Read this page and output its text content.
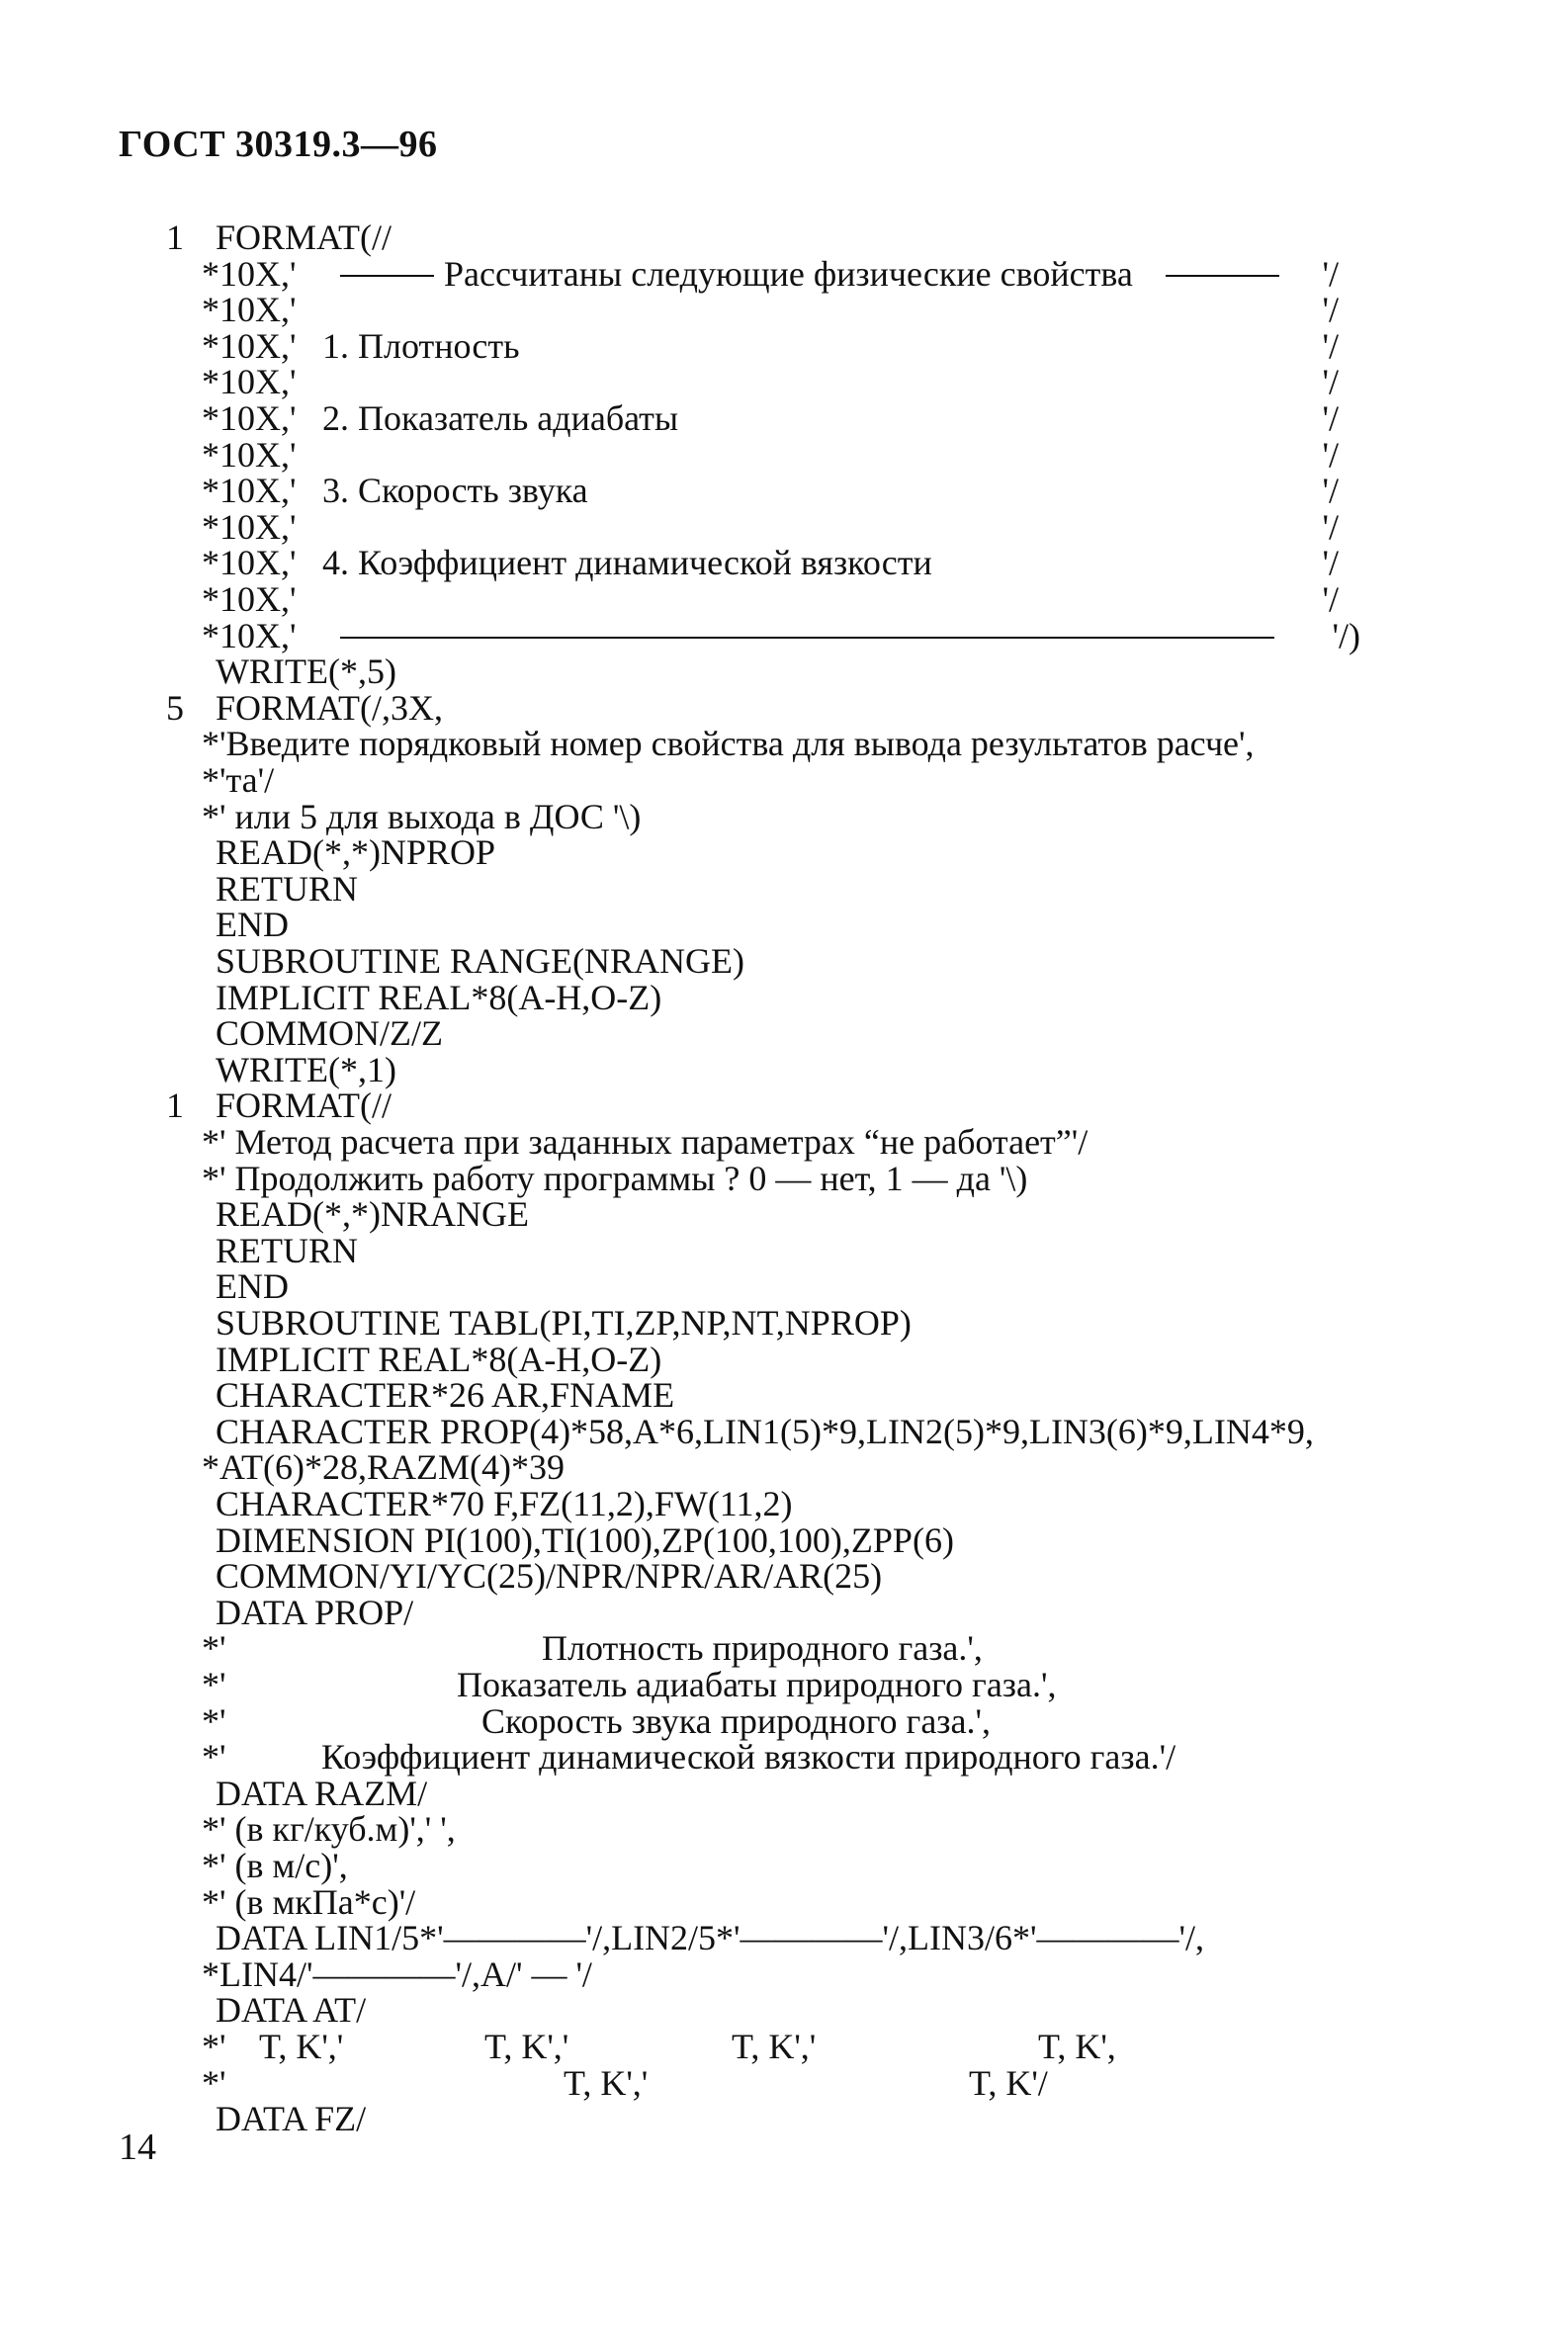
ГОСТ 30319.3—96
1 FORMAT(//
*10X,'	Рассчитаны следующие физические свойства	'/
*10X,'	'/
*10X,' 1. Плотность	'/
*10X,'	'/
*10X,' 2. Показатель адиабаты	'/
*10X,'	'/
*10X,' 3. Скорость звука	'/
*10X,'	'/
*10X,' 4. Коэффициент динамической вязкости	'/
*10X,'	'/
*10X,'	'/)
WRITE(*,5)
5 FORMAT(/,3X,
*'Введите порядковый номер свойства для вывода результатов расче',
*'та'/
*' или 5 для выхода в ДОС '\)
READ(*,*)NPROP
RETURN
END
SUBROUTINE RANGE(NRANGE)
IMPLICIT REAL*8(A-H,O-Z)
COMMON/Z/Z
WRITE(*,1)
1 FORMAT(//
*' Метод расчета при заданных параметрах “не работает”'/
*' Продолжить работу программы ? 0 — нет, 1 — да '\)
READ(*,*)NRANGE
RETURN
END
SUBROUTINE TABL(PI,TI,ZP,NP,NT,NPROP)
IMPLICIT REAL*8(A-H,O-Z)
CHARACTER*26 AR,FNAME
CHARACTER PROP(4)*58,A*6,LIN1(5)*9,LIN2(5)*9,LIN3(6)*9,LIN4*9,
*AT(6)*28,RAZM(4)*39
CHARACTER*70 F,FZ(11,2),FW(11,2)
DIMENSION PI(100),TI(100),ZP(100,100),ZPP(6)
COMMON/YI/YC(25)/NPR/NPR/AR/AR(25)
DATA PROP/
*'	Плотность природного газа.',
*'	Показатель адиабаты природного газа.',
*'	Скорость звука природного газа.',
*'	Коэффициент динамической вязкости природного газа.'/
DATA RAZM/
*' (в кг/куб.м)',' ',
*' (в м/с)',
*' (в мкПа*с)'/
DATA LIN1/5*'————'/,LIN2/5*'————'/,LIN3/6*'————'/,
*LIN4/'————'/,A/' — '/
DATA AT/
*' T, K','	T, K','	T, K','	T, K',
*'	T, K','	T, K'/
DATA FZ/
14
